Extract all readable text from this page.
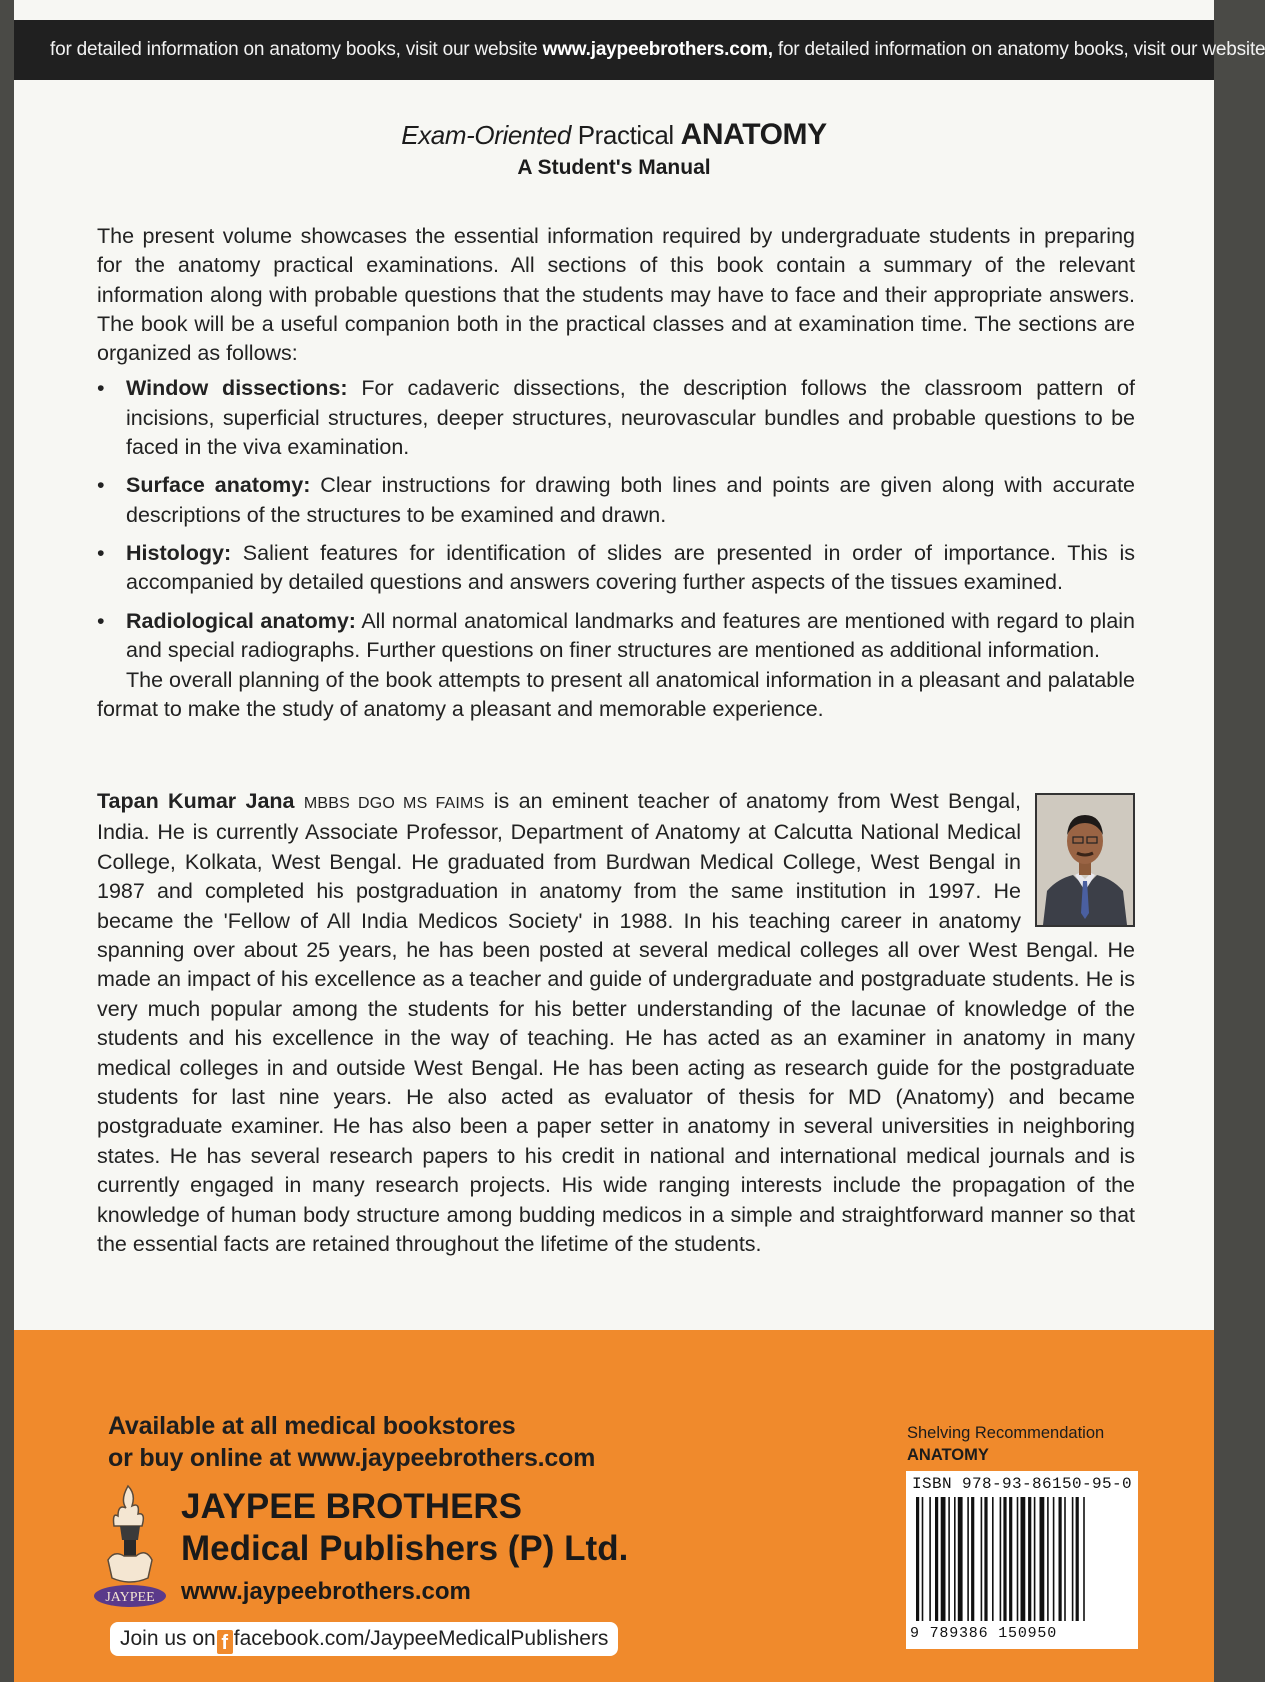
for detailed information on anatomy books, visit our website www.jaypeebrothers.com, for detailed information on anatomy books, visit our website
Exam-Oriented Practical ANATOMY
A Student's Manual

The present volume showcases the essential information required by undergraduate students in preparing for the anatomy practical examinations. All sections of this book contain a summary of the relevant information along with probable questions that the students may have to face and their appropriate answers. The book will be a useful companion both in the practical classes and at examination time. The sections are organized as follows:

• Window dissections: For cadaveric dissections, the description follows the classroom pattern of incisions, superficial structures, deeper structures, neurovascular bundles and probable questions to be faced in the viva examination.
• Surface anatomy: Clear instructions for drawing both lines and points are given along with accurate descriptions of the structures to be examined and drawn.
• Histology: Salient features for identification of slides are presented in order of importance. This is accompanied by detailed questions and answers covering further aspects of the tissues examined.
• Radiological anatomy: All normal anatomical landmarks and features are mentioned with regard to plain and special radiographs. Further questions on finer structures are mentioned as additional information.

The overall planning of the book attempts to present all anatomical information in a pleasant and palatable format to make the study of anatomy a pleasant and memorable experience.

Tapan Kumar Jana MBBS DGO MS FAIMS is an eminent teacher of anatomy from West Bengal, India. He is currently Associate Professor, Department of Anatomy at Calcutta National Medical College, Kolkata, West Bengal. He graduated from Burdwan Medical College, West Bengal in 1987 and completed his postgraduation in anatomy from the same institution in 1997. He became the 'Fellow of All India Medicos Society' in 1988. In his teaching career in anatomy spanning over about 25 years, he has been posted at several medical colleges all over West Bengal. He made an impact of his excellence as a teacher and guide of undergraduate and postgraduate students. He is very much popular among the students for his better understanding of the lacunae of knowledge of the students and his excellence in the way of teaching. He has acted as an examiner in anatomy in many medical colleges in and outside West Bengal. He has been acting as research guide for the postgraduate students for last nine years. He also acted as evaluator of thesis for MD (Anatomy) and became postgraduate examiner. He has also been a paper setter in anatomy in several universities in neighboring states. He has several research papers to his credit in national and international medical journals and is currently engaged in many research projects. His wide ranging interests include the propagation of the knowledge of human body structure among budding medicos in a simple and straightforward manner so that the essential facts are retained throughout the lifetime of the students.

Available at all medical bookstores
or buy online at www.jaypeebrothers.com
JAYPEE
JAYPEE BROTHERS
Medical Publishers (P) Ltd.
www.jaypeebrothers.com
Join us on f facebook.com/JaypeeMedicalPublishers
Shelving Recommendation
ANATOMY
ISBN 978-93-86150-95-0
9 789386 150950
